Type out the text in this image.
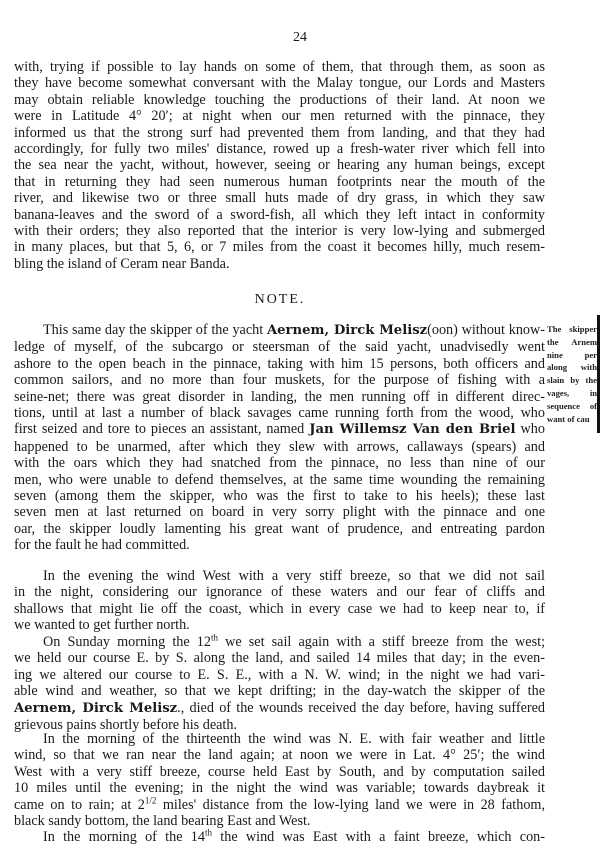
24
with, trying if possible to lay hands on some of them, that through them, as soon as
they have become somewhat conversant with the Malay tongue, our Lords and Masters
may obtain reliable knowledge touching the productions of their land. At noon we
were in Latitude 4° 20′; at night when our men returned with the pinnace, they
informed us that the strong surf had prevented them from landing, and that they had
accordingly, for fully two miles' distance, rowed up a fresh-water river which fell into
the sea near the yacht, without, however, seeing or hearing any human beings, except
that in returning they had seen numerous human footprints near the mouth of the
river, and likewise two or three small huts made of dry grass, in which they saw
banana-leaves and the sword of a sword-fish, all which they left intact in conformity
with their orders; they also reported that the interior is very low-lying and submerged
in many places, but that 5, 6, or 7 miles from the coast it becomes hilly, much resem-
bling the island of Ceram near Banda.
NOTE.
This same day the skipper of the yacht Aernem, Dirck Melisz(oon) without know-
ledge of myself, of the subcargo or steersman of the said yacht, unadvisedly went
ashore to the open beach in the pinnace, taking with him 15 persons, both officers and
common sailors, and no more than four muskets, for the purpose of fishing with a
seine-net; there was great disorder in landing, the men running off in different direc-
tions, until at last a number of black savages came running forth from the wood, who
first seized and tore to pieces an assistant, named Jan Willemsz Van den Briel who
happened to be unarmed, after which they slew with arrows, callaways (spears) and
with the oars which they had snatched from the pinnace, no less than nine of our
men, who were unable to defend themselves, at the same time wounding the remaining
seven (among them the skipper, who was the first to take to his heels); these last
seven men at last returned on board in very sorry plight with the pinnace and one
oar, the skipper loudly lamenting his great want of prudence, and entreating pardon
for the fault he had committed.
In the evening the wind West with a very stiff breeze, so that we did not sail
in the night, considering our ignorance of these waters and our fear of cliffs and
shallows that might lie off the coast, which in every case we had to keep near to, if
we wanted to get further north.
On Sunday morning the 12th we set sail again with a stiff breeze from the west;
we held our course E. by S. along the land, and sailed 14 miles that day; in the even-
ing we altered our course to E. S. E., with a N. W. wind; in the night we had vari-
able wind and weather, so that we kept drifting; in the day-watch the skipper of the
Aernem, Dirck Melisz., died of the wounds received the day before, having suffered
grievous pains shortly before his death.
In the morning of the thirteenth the wind was N. E. with fair weather and little
wind, so that we ran near the land again; at noon we were in Lat. 4° 25′; the wind
West with a very stiff breeze, course held East by South, and by computation sailed
10 miles until the evening; in the night the wind was variable; towards daybreak it
came on to rain; at $2^{1/2}$ miles' distance from the low-lying land we were in 28 fathom,
black sandy bottom, the land bearing East and West.
In the morning of the 14th the wind was East with a faint breeze, which con-
The skipper
the Arnem
nine per
along with
slain by the
vages, in
sequence of
want of cau
